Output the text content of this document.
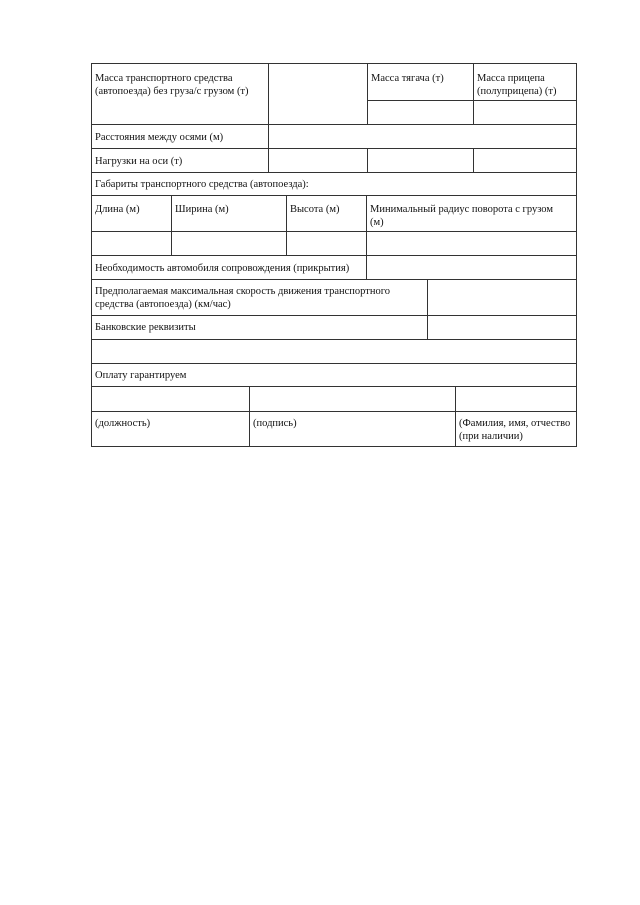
Масса транспортного средства
(автопоезда) без груза/с грузом (т)
Масса тягача (т)	Масса прицепа
(полуприцепа) (т)
Расстояния между осями (м)
Нагрузки на оси (т)
Габариты транспортного средства (автопоезда):
Длина (м)	Ширина (м)	Высота (м)	Минимальный радиус поворота с грузом
(м)
Необходимость автомобиля сопровождения (прикрытия)
Предполагаемая максимальная скорость движения транспортного
средства (автопоезда) (км/час)
Банковские реквизиты
Оплату гарантируем
(должность)	(подпись)	(Фамилия, имя, отчество
(при наличии)
